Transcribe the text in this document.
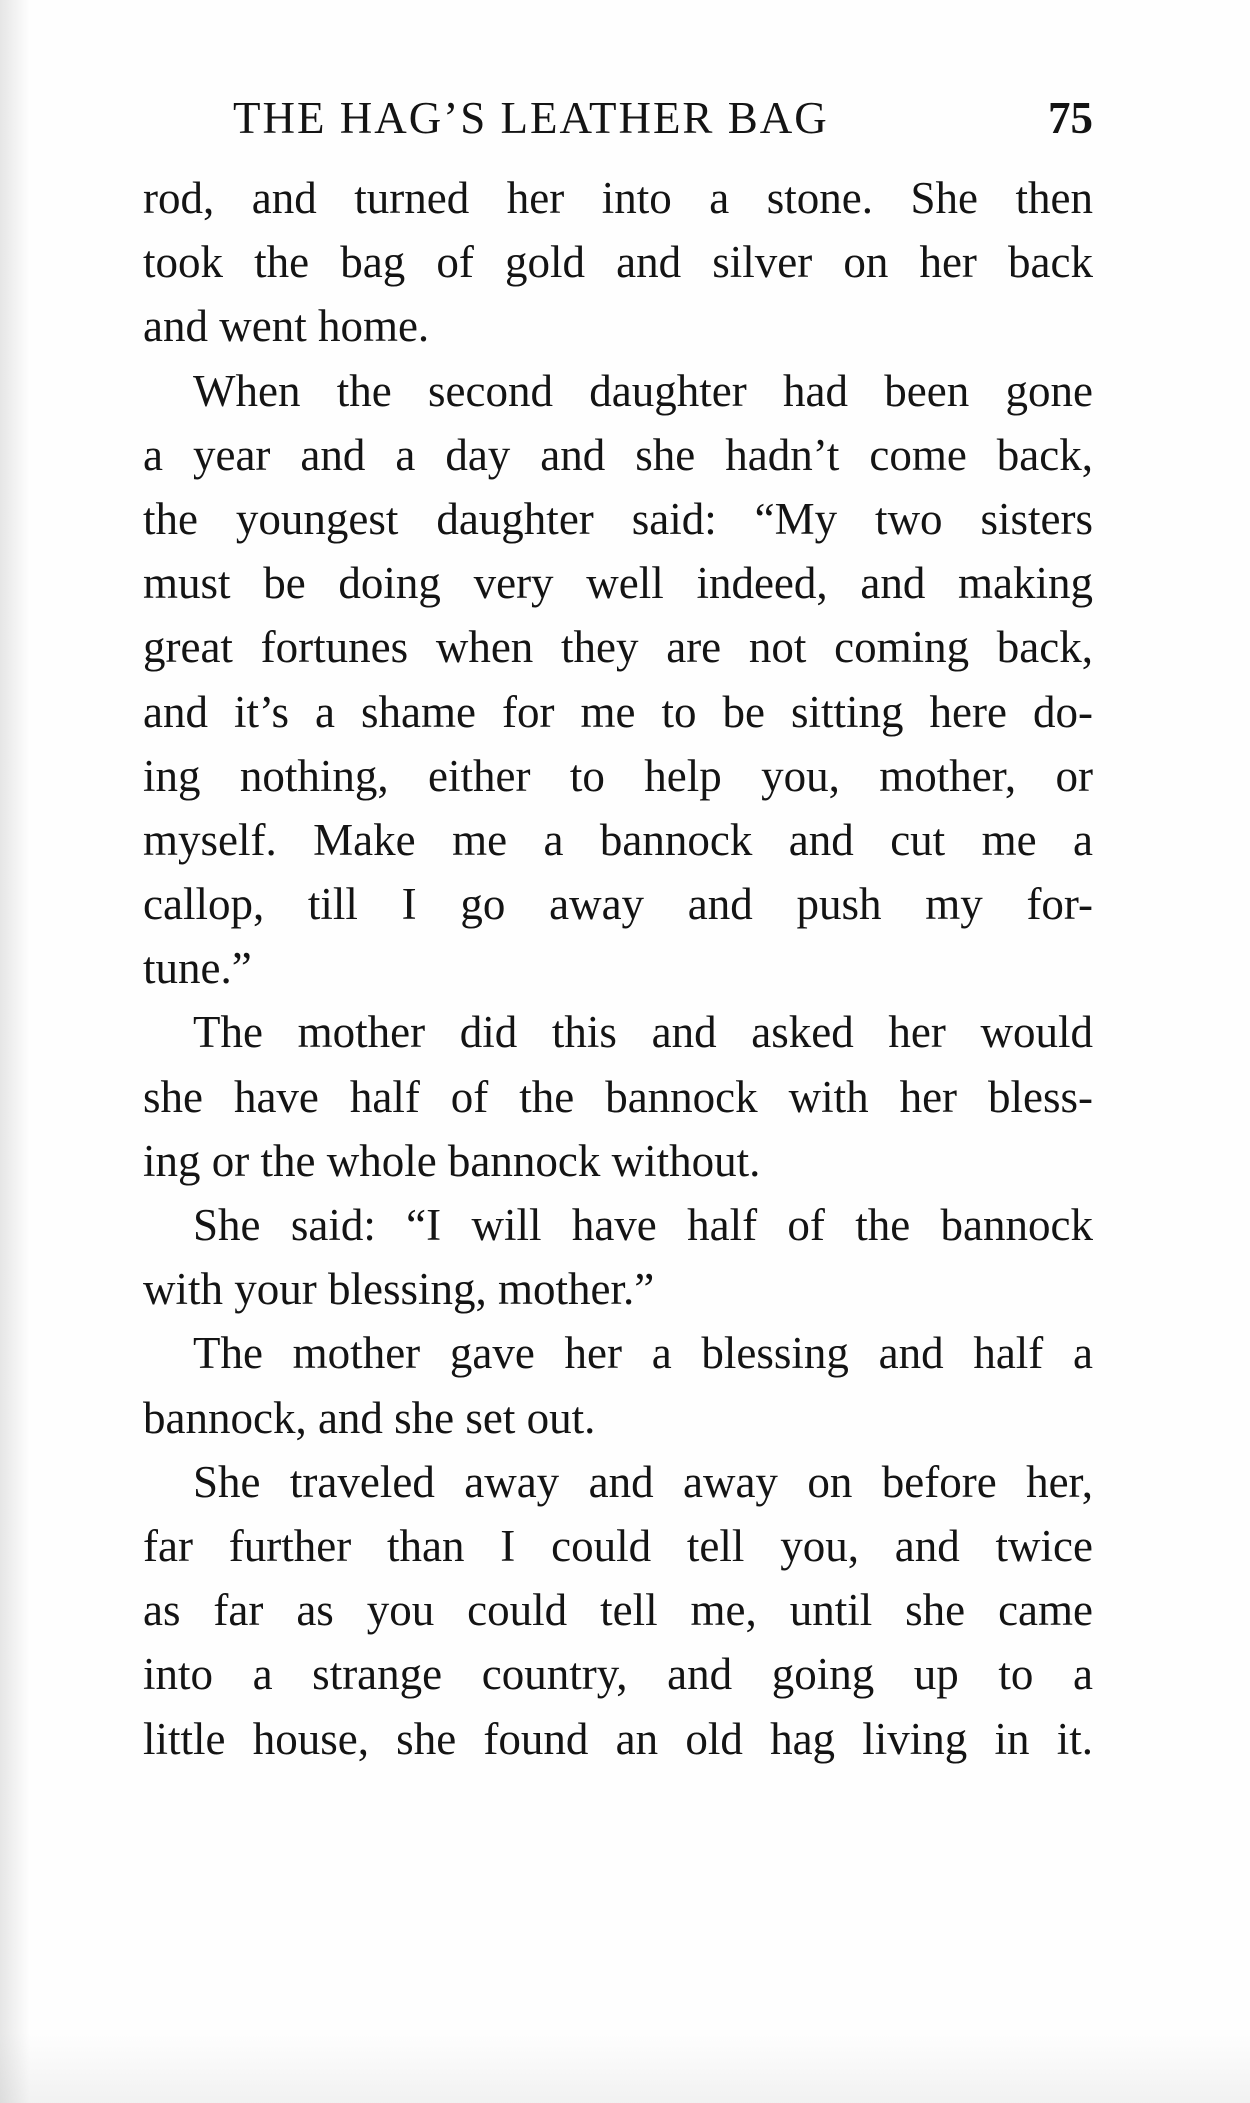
THE HAG’S LEATHER BAG	75
rod, and turned her into a stone. She then
took the bag of gold and silver on her back
and went home.
When the second daughter had been gone
a year and a day and she hadn’t come back,
the youngest daughter said: “My two sisters
must be doing very well indeed, and making
great fortunes when they are not coming back,
and it’s a shame for me to be sitting here do-
ing nothing, either to help you, mother, or
myself. Make me a bannock and cut me a
callop, till I go away and push my for-
tune.”
The mother did this and asked her would
she have half of the bannock with her bless-
ing or the whole bannock without.
She said: “I will have half of the bannock
with your blessing, mother.”
The mother gave her a blessing and half a
bannock, and she set out.
She traveled away and away on before her,
far further than I could tell you, and twice
as far as you could tell me, until she came
into a strange country, and going up to a
little house, she found an old hag living in it.
